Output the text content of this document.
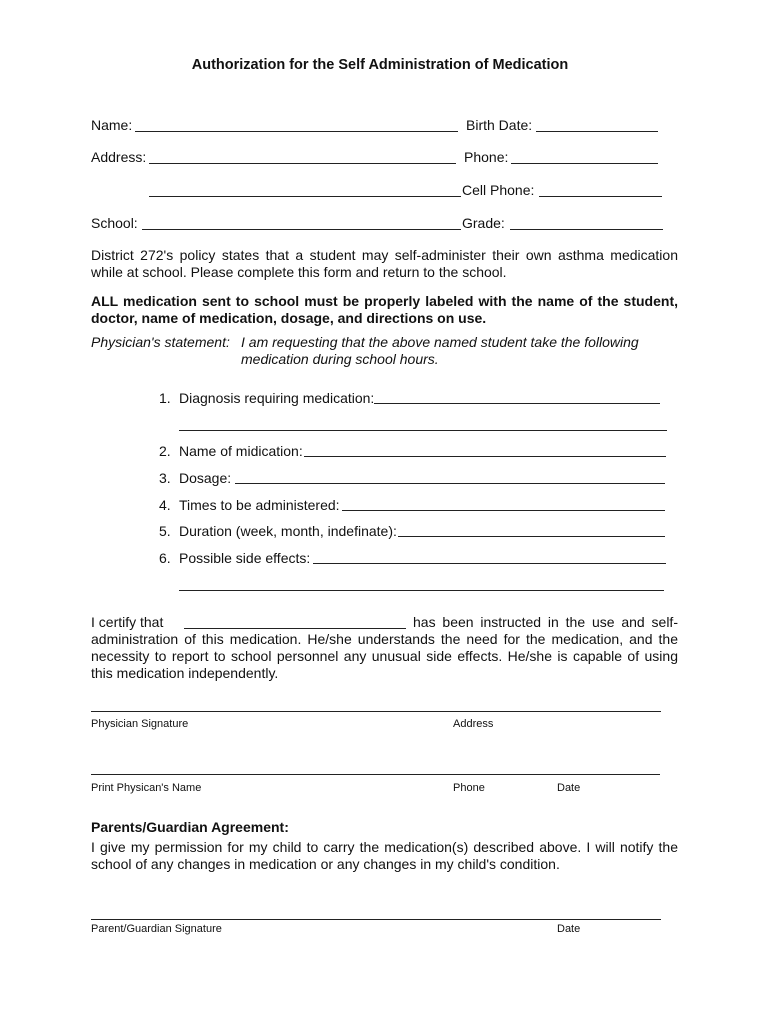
Authorization for the Self Administration of Medication
Name:	Birth Date:
Address:	Phone:
Cell Phone:
School:	Grade:
District 272's policy states that a student may self-administer their own asthma medication while at school. Please complete this form and return to the school.
ALL medication sent to school must be properly labeled with the name of the student, doctor, name of medication, dosage, and directions on use.
Physician's statement: I am requesting that the above named student take the following
medication during school hours.
1. Diagnosis requiring medication:
2. Name of midication:
3. Dosage:
4. Times to be administered:
5. Duration (week, month, indefinate):
6. Possible side effects:
I certify that	has been instructed in the use and self-
administration of this medication. He/she understands the need for the medication, and the necessity to report to school personnel any unusual side effects. He/she is capable of using this medication independently.
Physician Signature	Address
Print Physican's Name	Phone	Date
Parents/Guardian Agreement:
I give my permission for my child to carry the medication(s) described above. I will notify the school of any changes in medication or any changes in my child's condition.
Parent/Guardian Signature	Date
